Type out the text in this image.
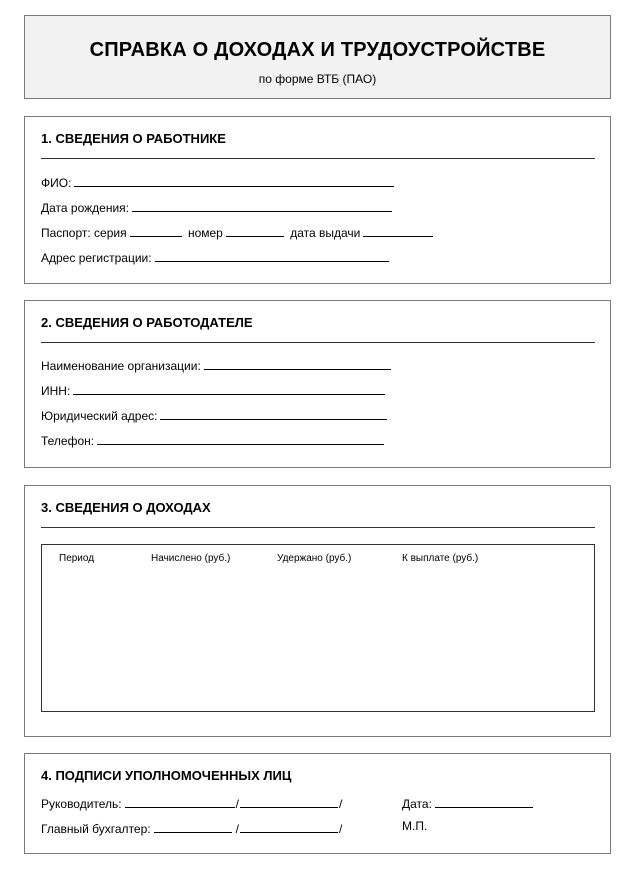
СПРАВКА О ДОХОДАХ И ТРУДОУСТРОЙСТВЕ
по форме ВТБ (ПАО)
1. СВЕДЕНИЯ О РАБОТНИКЕ
ФИО:
Дата рождения:
Паспорт: серия	номер	дата выдачи
Адрес регистрации:
2. СВЕДЕНИЯ О РАБОТОДАТЕЛЕ
Наименование организации:
ИНН:
Юридический адрес:
Телефон:
3. СВЕДЕНИЯ О ДОХОДАХ
Период	Начислено (руб.)	Удержано (руб.)	К выплате (руб.)
4. ПОДПИСИ УПОЛНОМОЧЕННЫХ ЛИЦ
Руководитель:	/	/
Главный бухгалтер:	/	/
Дата:
М.П.
